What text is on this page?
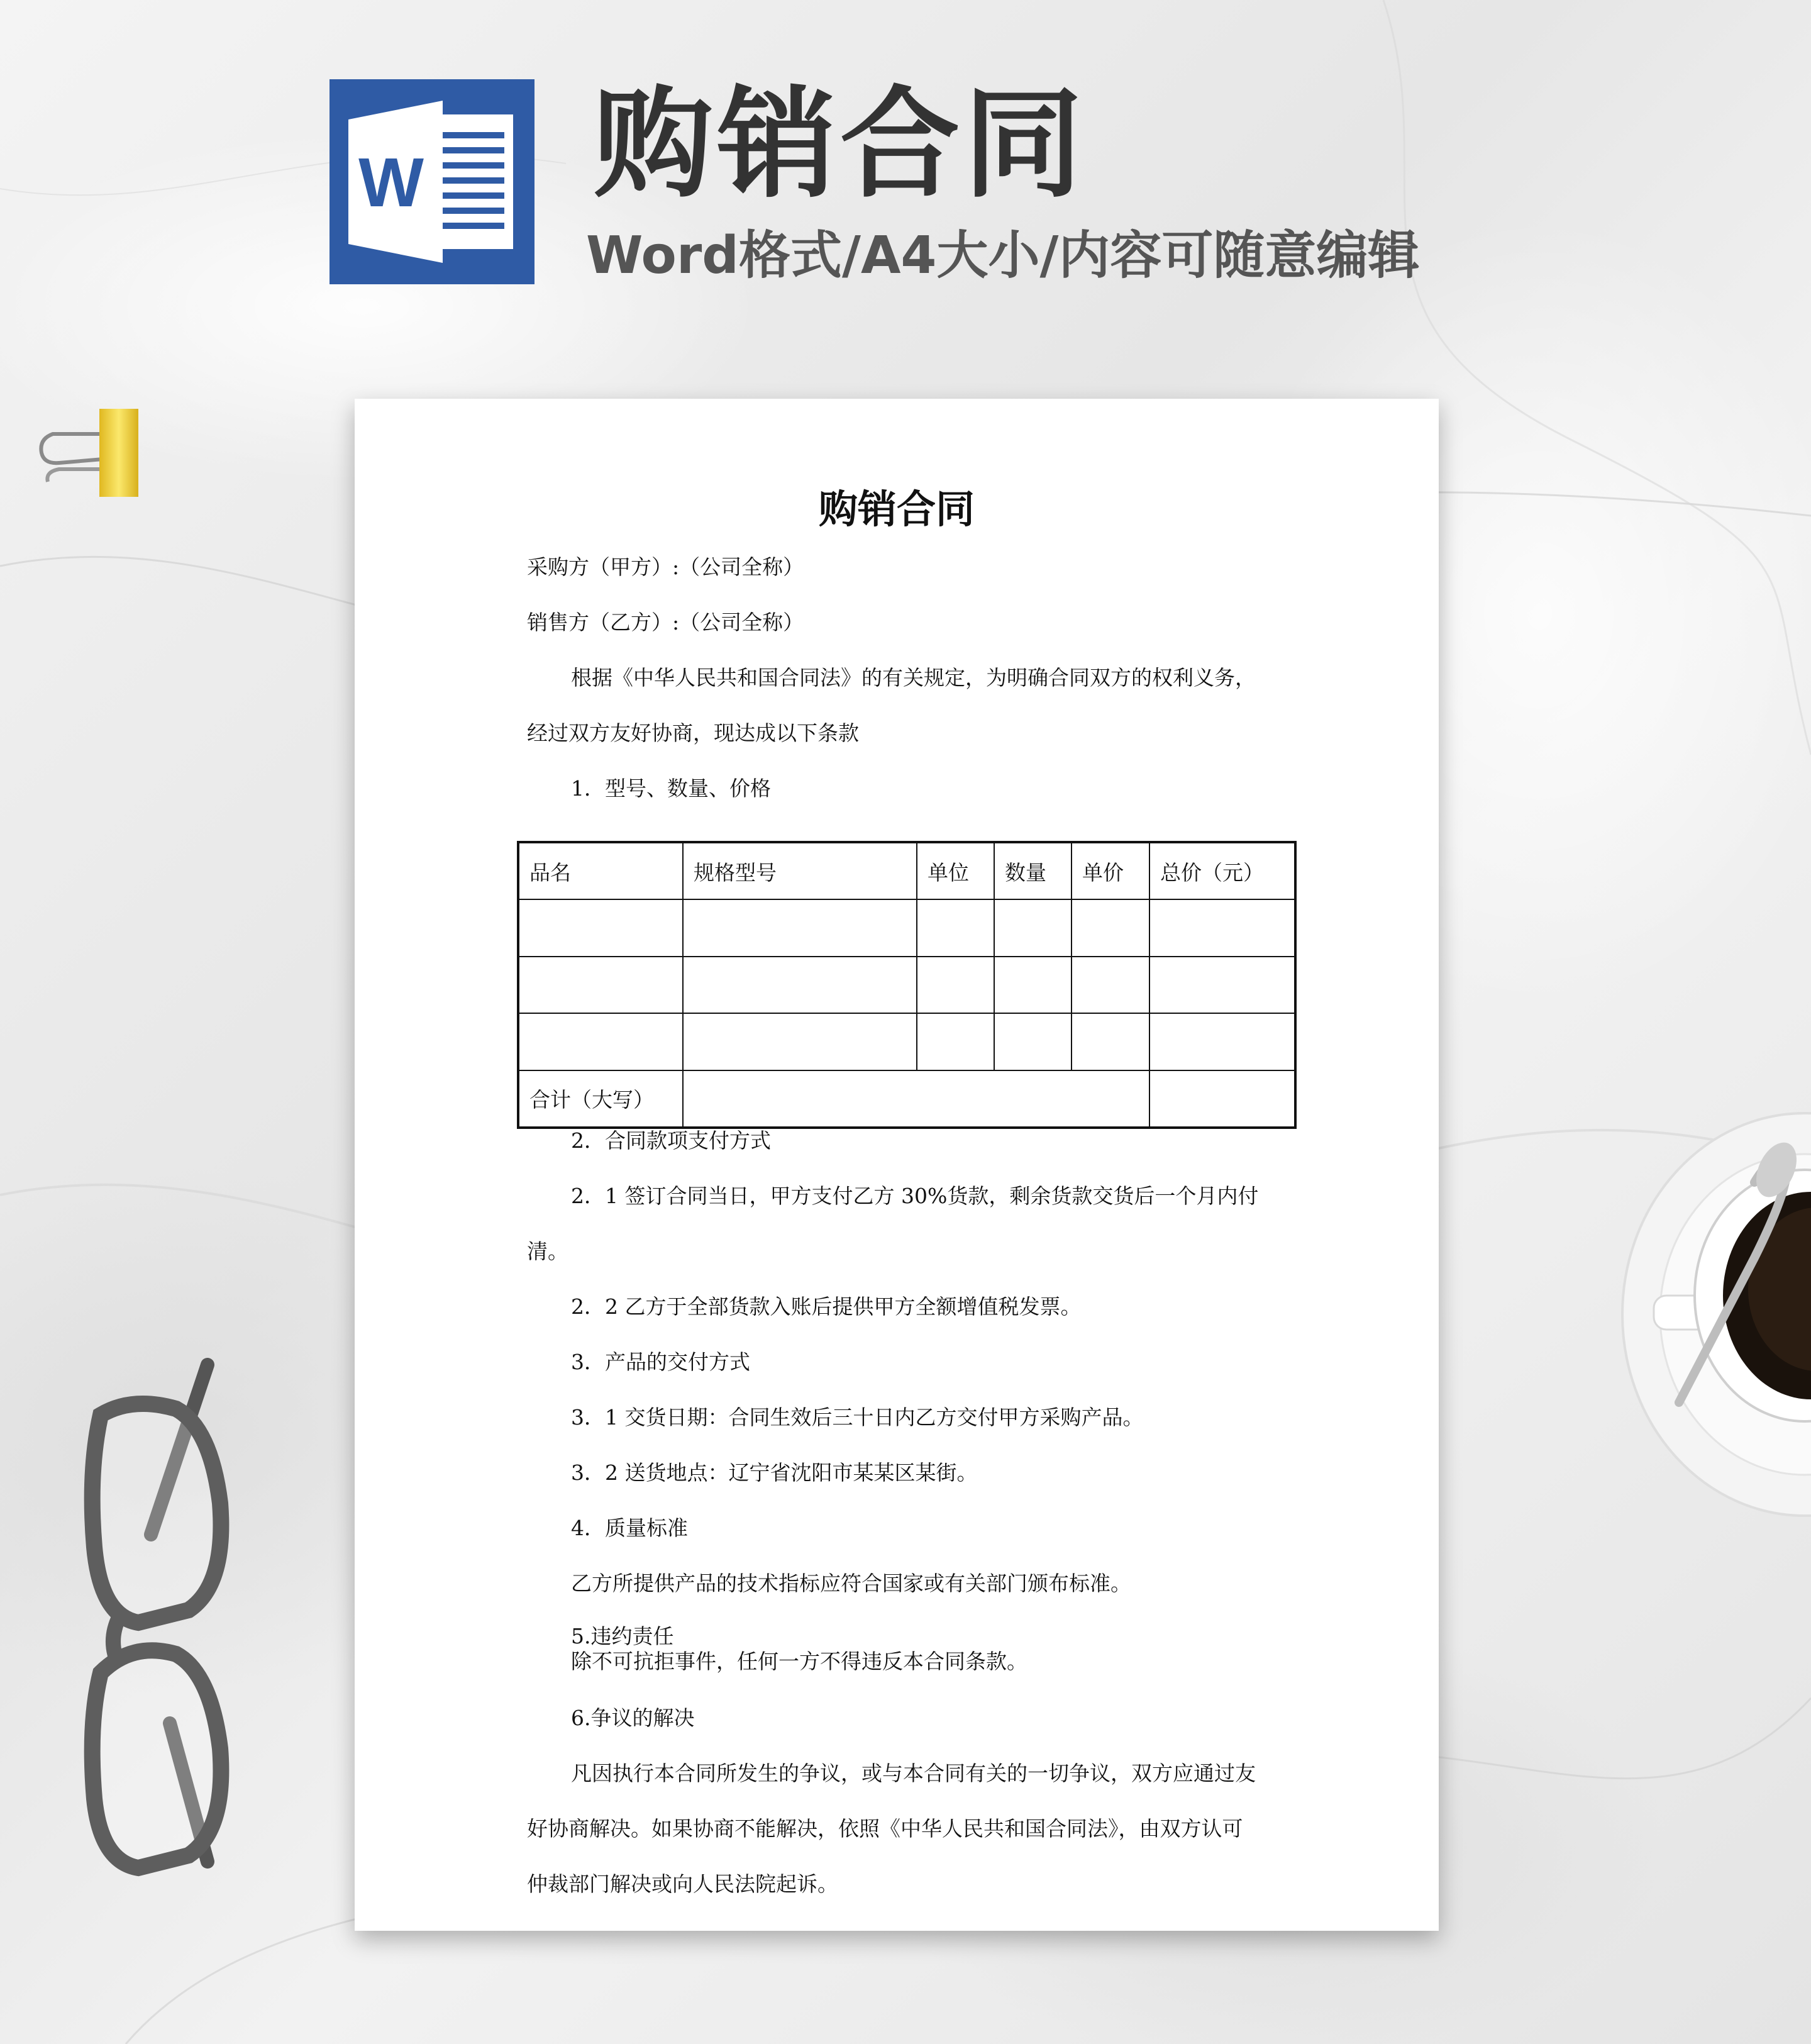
W 购销合同

Word格式/A4大小/内容可随意编辑

购销合同

采购方（甲方）:（公司全称）

销售方（乙方）:（公司全称）

根据《中华人民共和国合同法》的有关规定，为明确合同双方的权利义务，

经过双方友好协商，现达成以下条款

1．型号、数量、价格

品名	规格型号	单位	数量	单价	总价（元）

合计（大写）					

2．合同款项支付方式

2．1 签订合同当日，甲方支付乙方 30%货款，剩余货款交货后一个月内付

清。

2．2 乙方于全部货款入账后提供甲方全额增值税发票。

3．产品的交付方式

3．1 交货日期：合同生效后三十日内乙方交付甲方采购产品。

3．2 送货地点：辽宁省沈阳市某某区某街。

4．质量标准

乙方所提供产品的技术指标应符合国家或有关部门颁布标准。

5.违约责任

除不可抗拒事件，任何一方不得违反本合同条款。

6.争议的解决

凡因执行本合同所发生的争议，或与本合同有关的一切争议，双方应通过友

好协商解决。如果协商不能解决，依照《中华人民共和国合同法》，由双方认可

仲裁部门解决或向人民法院起诉。
